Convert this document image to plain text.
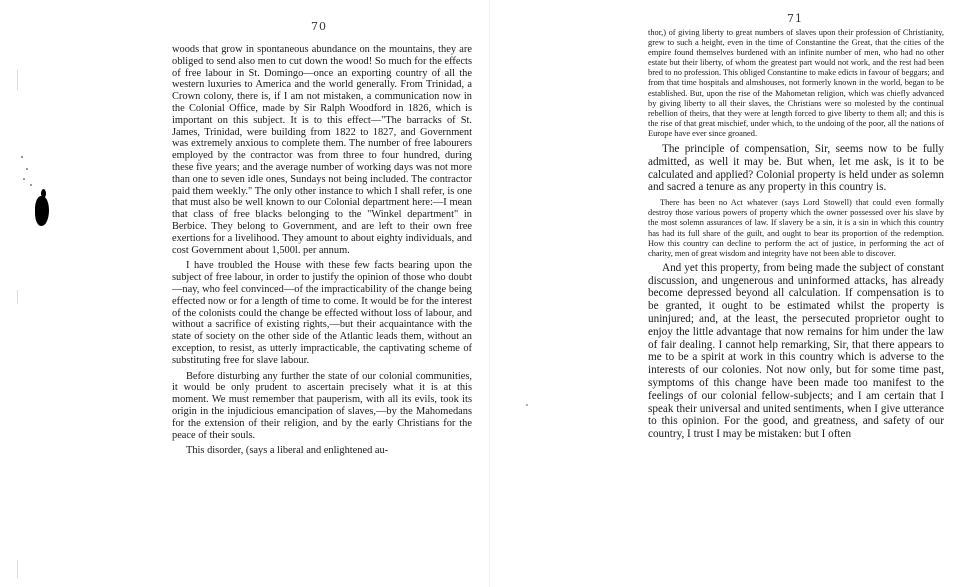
70

woods that grow in spontaneous abundance on the mountains, they are obliged to send also men to cut down the wood! So much for the effects of free labour in St. Domingo—once an exporting country of all the western luxuries to America and the world generally. From Trinidad, a Crown colony, there is, if I am not mistaken, a communication now in the Colonial Office, made by Sir Ralph Woodford in 1826, which is important on this subject. It is to this effect—"The barracks of St. James, Trinidad, were building from 1822 to 1827, and Government was extremely anxious to complete them. The number of free labourers employed by the contractor was from three to four hundred, during these five years; and the average number of working days was not more than one to seven idle ones, Sundays not being included. The contractor paid them weekly." The only other instance to which I shall refer, is one that must also be well known to our Colonial department here:—I mean that class of free blacks belonging to the "Winkel department" in Berbice. They belong to Government, and are left to their own free exertions for a livelihood. They amount to about eighty individuals, and cost Government about 1,500l. per annum.

I have troubled the House with these few facts bearing upon the subject of free labour, in order to justify the opinion of those who doubt—nay, who feel convinced—of the impracticability of the change being effected now or for a length of time to come. It would be for the interest of the colonists could the change be effected without loss of labour, and without a sacrifice of existing rights,—but their acquaintance with the state of society on the other side of the Atlantic leads them, without an exception, to resist, as utterly impracticable, the captivating scheme of substituting free for slave labour.

Before disturbing any further the state of our colonial communities, it would be only prudent to ascertain precisely what it is at this moment. We must remember that pauperism, with all its evils, took its origin in the injudicious emancipation of slaves,—by the Mahomedans for the extension of their religion, and by the early Christians for the peace of their souls.

This disorder, (says a liberal and enlightened au-

71

thor,) of giving liberty to great numbers of slaves upon their profession of Christianity, grew to such a height, even in the time of Constantine the Great, that the cities of the empire found themselves burdened with an infinite number of men, who had no other estate but their liberty, of whom the greatest part would not work, and the rest had been bred to no profession. This obliged Constantine to make edicts in favour of beggars; and from that time hospitals and almshouses, not formerly known in the world, began to be established. But, upon the rise of the Mahometan religion, which was chiefly advanced by giving liberty to all their slaves, the Christians were so molested by the continual rebellion of theirs, that they were at length forced to give liberty to them all; and this is the rise of that great mischief, under which, to the undoing of the poor, all the nations of Europe have ever since groaned.

The principle of compensation, Sir, seems now to be fully admitted, as well it may be. But when, let me ask, is it to be calculated and applied? Colonial property is held under as solemn and sacred a tenure as any property in this country is.

There has been no Act whatever (says Lord Stowell) that could even formally destroy those various powers of property which the owner possessed over his slave by the most solemn assurances of law. If slavery be a sin, it is a sin in which this country has had its full share of the guilt, and ought to bear its proportion of the redemption. How this country can decline to perform the act of justice, in performing the act of charity, men of great wisdom and integrity have not been able to discover.

And yet this property, from being made the subject of constant discussion, and ungenerous and uninformed attacks, has already become depressed beyond all calculation. If compensation is to be granted, it ought to be estimated whilst the property is uninjured; and, at the least, the persecuted proprietor ought to enjoy the little advantage that now remains for him under the law of fair dealing. I cannot help remarking, Sir, that there appears to me to be a spirit at work in this country which is adverse to the interests of our colonies. Not now only, but for some time past, symptoms of this change have been made too manifest to the feelings of our colonial fellow-subjects; and I am certain that I speak their universal and united sentiments, when I give utterance to this opinion. For the good, and greatness, and safety of our country, I trust I may be mistaken: but I often
